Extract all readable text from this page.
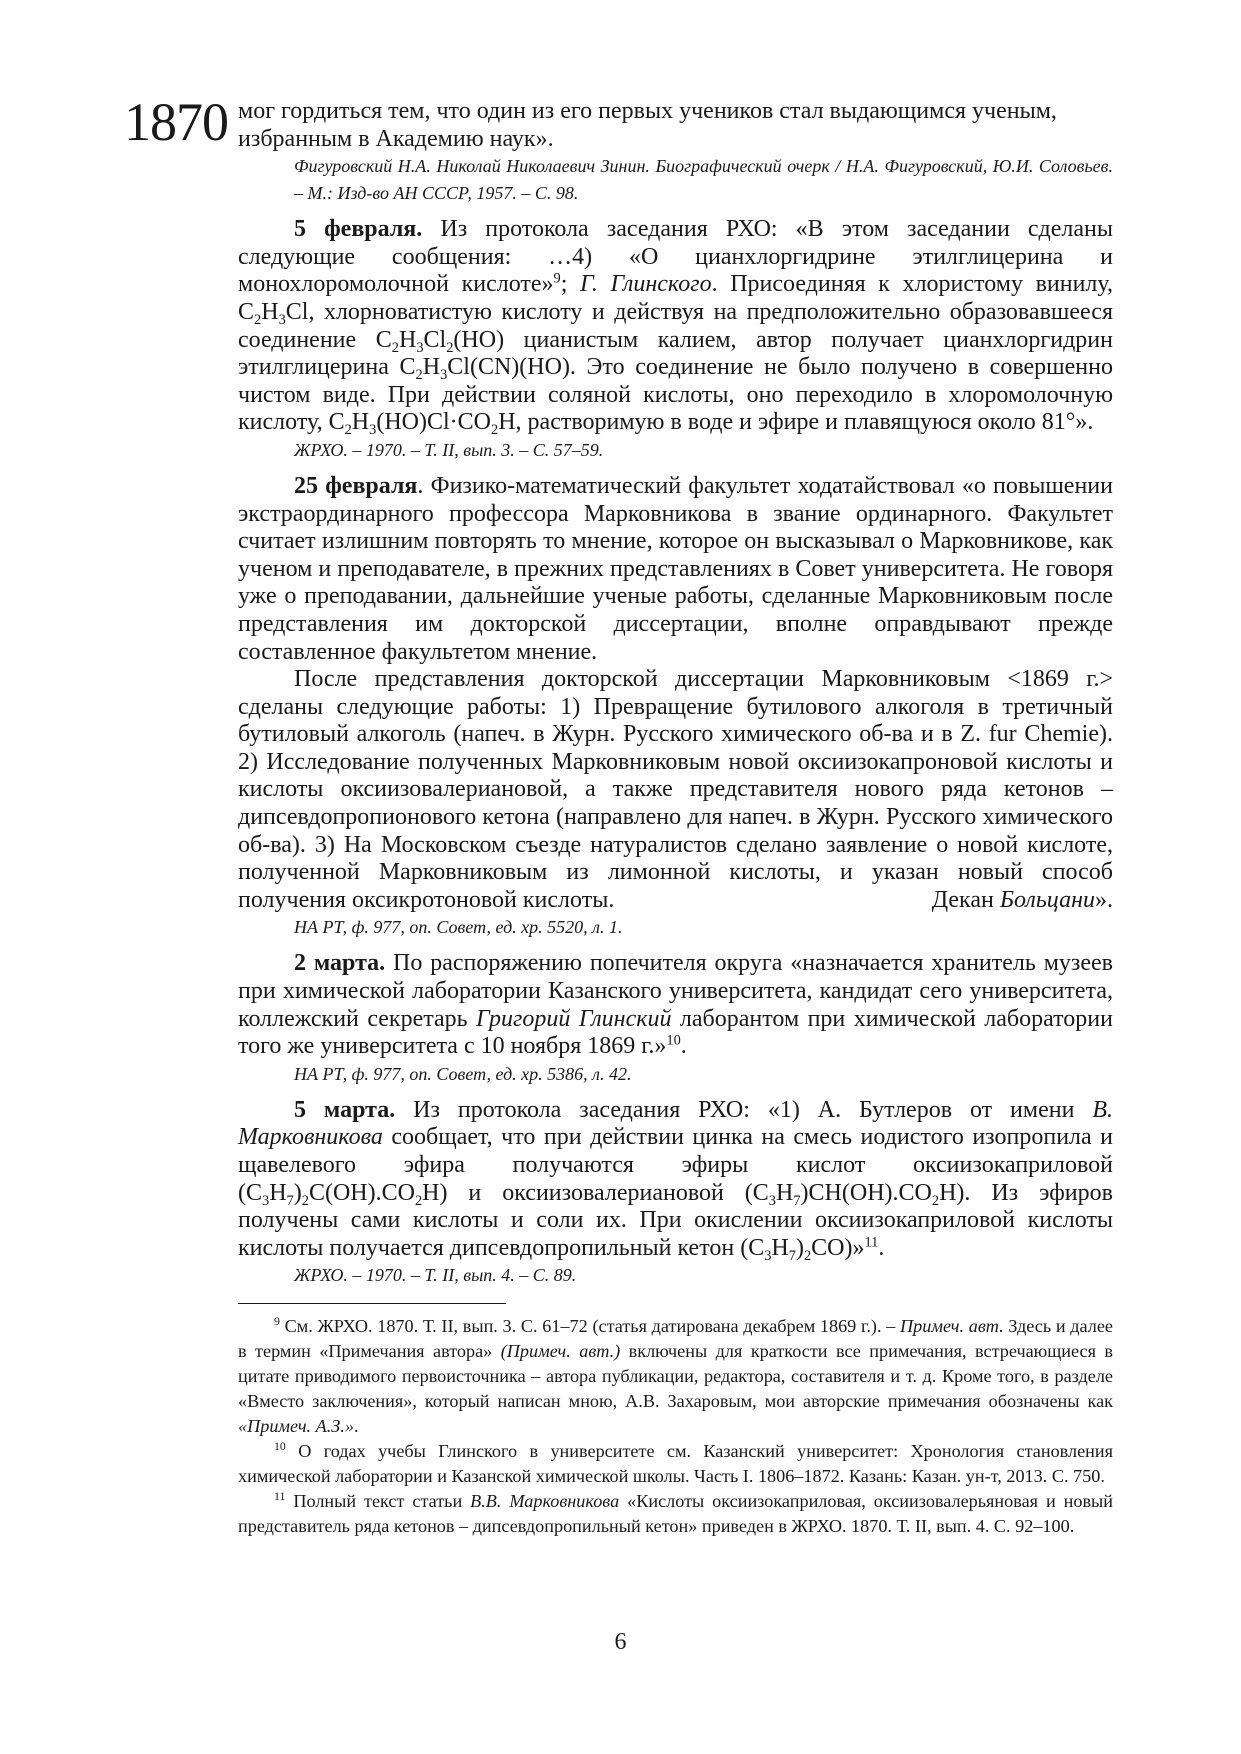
1870 мог гордиться тем, что один из его первых учеников стал выдающимся ученым,
избранным в Академию наук».

Фигуровский Н.А. Николай Николаевич Зинин. Биографический очерк / Н.А. Фигуровский, Ю.И. Соловьев. – М.: Изд-во АН СССР, 1957. – С. 98.

5 февраля. Из протокола заседания РХО: «В этом заседании сделаны следующие сообщения: …4) «О цианхлоргидрине этилглицерина и монохлоромолочной кислоте»$^9$; Г. Глинского. Присоединяя к хлористому винилу, $С_2Н_3Cl$, хлорноватистую кислоту и действуя на предположительно образовавшееся соединение $С_2Н_3Cl_2(НО)$ цианистым калием, автор получает цианхлоргидрин этилглицерина $С_2Н_3Cl(CN)(HO)$. Это соединение не было получено в совершенно чистом виде. При действии соляной кислоты, оно переходило в хлоромолочную кислоту, $С_2Н_3(НО)Cl\cdot CO_2Н$, растворимую в воде и эфире и плавящуюся около 81°».

ЖРХО. – 1970. – Т. II, вып. 3. – С. 57–59.

25 февраля. Физико-математический факультет ходатайствовал «о повышении экстраординарного профессора Марковникова в звание ординарного. Факультет считает излишним повторять то мнение, которое он высказывал о Марковникове, как ученом и преподавателе, в прежних представлениях в Совет университета. Не говоря уже о преподавании, дальнейшие ученые работы, сделанные Марковниковым после представления им докторской диссертации, вполне оправдывают прежде составленное факультетом мнение.

После представления докторской диссертации Марковниковым <1869 г.> сделаны следующие работы: 1) Превращение бутилового алкоголя в третичный бутиловый алкоголь (напеч. в Журн. Русского химического об-ва и в Z. fur Chemie). 2) Исследование полученных Марковниковым новой оксиизокапроновой кислоты и кислоты оксиизовалериановой, а также представителя нового ряда кетонов – дипсевдопропионового кетона (направлено для напеч. в Журн. Русского химического об-ва). 3) На Московском съезде натуралистов сделано заявление о новой кислоте, полученной Марковниковым из лимонной кислоты, и указан новый способ получения оксикротоновой кислоты.	Декан Больцани».

НА РТ, ф. 977, оп. Совет, ед. хр. 5520, л. 1.

2 марта. По распоряжению попечителя округа «назначается хранитель музеев при химической лаборатории Казанского университета, кандидат сего университета, коллежский секретарь Григорий Глинский лаборантом при химической лаборатории того же университета с 10 ноября 1869 г.»$^{10}$.

НА РТ, ф. 977, оп. Совет, ед. хр. 5386, л. 42.

5 марта. Из протокола заседания РХО: «1) А. Бутлеров от имени В. Марковникова сообщает, что при действии цинка на смесь иодистого изопропила и щавелевого эфира получаются эфиры кислот оксиизокаприловой $(С_3Н_7)_2С(ОН).СО_2Н$) и оксиизовалериановой $(С_3Н_7)СН(ОН).СО_2Н$). Из эфиров получены сами кислоты и соли их. При окислении оксиизокаприловой кислоты кислоты получается дипсевдопропильный кетон $(С_3Н_7)_2СО)»^{11}$.

ЖРХО. – 1970. – Т. II, вып. 4. – С. 89.

$^9$ См. ЖРХО. 1870. Т. II, вып. 3. С. 61–72 (статья датирована декабрем 1869 г.). – Примеч. авт. Здесь и далее в термин «Примечания автора» (Примеч. авт.) включены для краткости все примечания, встречающиеся в цитате приводимого первоисточника – автора публикации, редактора, составителя и т. д. Кроме того, в разделе «Вместо заключения», который написан мною, А.В. Захаровым, мои авторские примечания обозначены как «Примеч. А.З.».

$^{10}$ О годах учебы Глинского в университете см. Казанский университет: Хронология становления химической лаборатории и Казанской химической школы. Часть I. 1806–1872. Казань: Казан. ун-т, 2013. С. 750.

$^{11}$ Полный текст статьи В.В. Марковникова «Кислоты оксиизокаприловая, оксиизовалерьяновая и новый представитель ряда кетонов – дипсевдопропильный кетон» приведен в ЖРХО. 1870. Т. II, вып. 4. С. 92–100.

6
